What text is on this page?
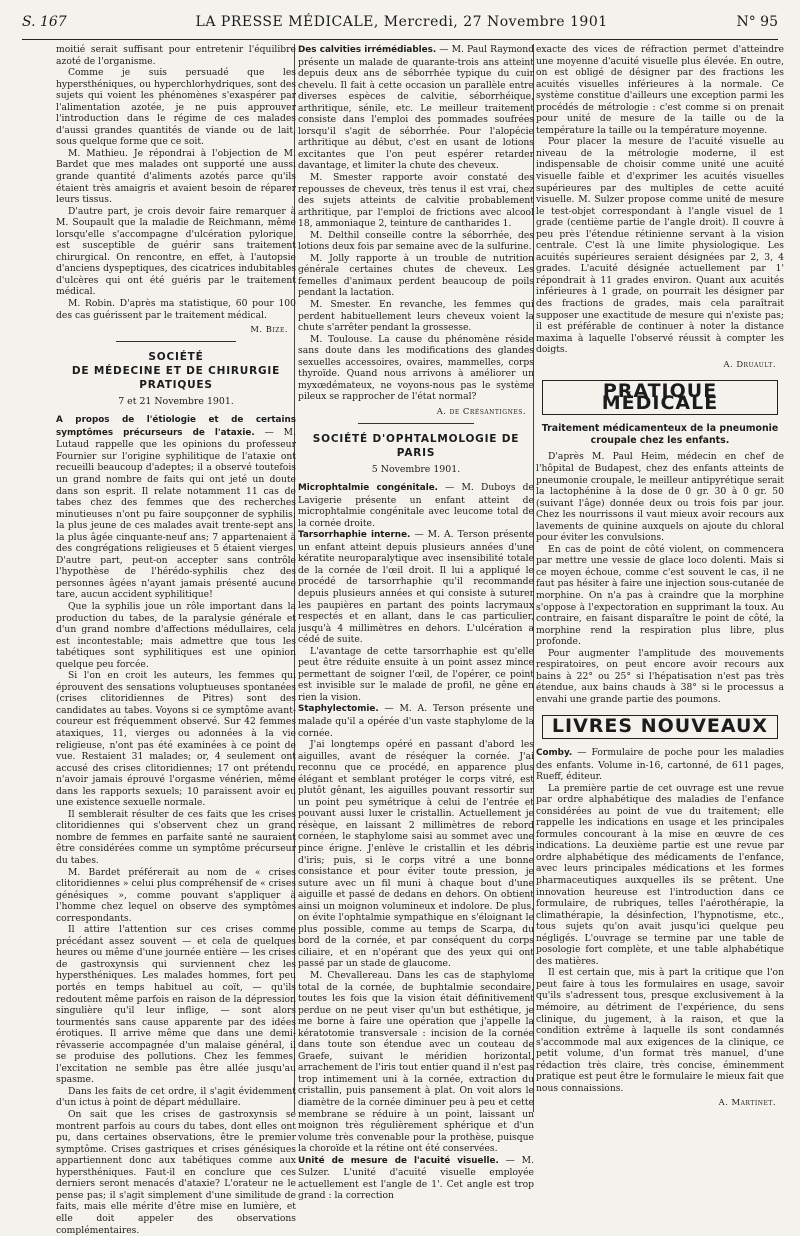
S. 167	LA PRESSE MÉDICALE, Mercredi, 27 Novembre 1901	N° 95

moitié serait suffisant pour entretenir l'équilibre azoté de l'organisme.

Comme je suis persuadé que les hypersthéniques, ou hyperchlorhydriques, sont des sujets qui voient les phénomènes s'exaspérer par l'alimentation azotée, je ne puis approuver l'introduction dans le régime de ces malades d'aussi grandes quantités de viande ou de lait, sous quelque forme que ce soit.

M. Mathieu. Je répondrai à l'objection de M. Bardet que mes malades ont supporté une aussi grande quantité d'aliments azotés parce qu'ils étaient très amaigris et avaient besoin de réparer leurs tissus.

D'autre part, je crois devoir faire remarquer à M. Soupault que la maladie de Reichmann, même lorsqu'elle s'accompagne d'ulcération pylorique, est susceptible de guérir sans traitement chirurgical. On rencontre, en effet, à l'autopsie d'anciens dyspeptiques, des cicatrices indubitables d'ulcères qui ont été guéris par le traitement médical.

M. Robin. D'après ma statistique, 60 pour 100 des cas guérissent par le traitement médical.

M. Bize.

SOCIÉTÉ
DE MÉDECINE ET DE CHIRURGIE PRATIQUES
7 et 21 Novembre 1901.

A propos de l'étiologie et de certains symptômes précurseurs de l'ataxie. — M. Lutaud rappelle que les opinions du professeur Fournier sur l'origine syphilitique de l'ataxie ont recueilli beaucoup d'adeptes; il a observé toutefois un grand nombre de faits qui ont jeté un doute dans son esprit. Il relate notamment 11 cas de tabes chez des femmes que des recherches minutieuses n'ont pu faire soupçonner de syphilis; la plus jeune de ces malades avait trente-sept ans, la plus âgée cinquante-neuf ans; 7 appartenaient à des congrégations religieuses et 5 étaient vierges. D'autre part, peut-on accepter sans contrôle l'hypothèse de l'hérédo-syphilis chez des personnes âgées n'ayant jamais présenté aucune tare, aucun accident syphilitique!

Que la syphilis joue un rôle important dans la production du tabes, de la paralysie générale et d'un grand nombre d'affections médullaires, cela est incontestable; mais admettre que tous les tabétiques sont syphilitiques est une opinion quelque peu forcée.

Si l'on en croit les auteurs, les femmes qui éprouvent des sensations voluptueuses spontanées (crises clitoridiennes de Pitres) sont des candidates au tabes. Voyons si ce symptôme avant-coureur est fréquemment observé. Sur 42 femmes ataxiques, 11, vierges ou adonnées à la vie religieuse, n'ont pas été examinées à ce point de vue. Restaient 31 malades; or, 4 seulement ont accusé des crises clitoridiennes; 17 ont prétendu n'avoir jamais éprouvé l'orgasme vénérien, même dans les rapports sexuels; 10 paraissent avoir eu une existence sexuelle normale.

Il semblerait résulter de ces faits que les crises clitoridiennes qui s'observent chez un grand nombre de femmes en parfaite santé ne sauraient être considérées comme un symptôme précurseur du tabes.

M. Bardet préférerait au nom de « crises clitoridiennes » celui plus compréhensif de « crises génésiques », comme pouvant s'appliquer à l'homme chez lequel on observe des symptômes correspondants.

Il attire l'attention sur ces crises comme précédant assez souvent — et cela de quelques heures ou même d'une journée entière — les crises de gastroxynsis qui surviennent chez les hypersthéniques. Les malades hommes, fort peu portés en temps habituel au coït, — qu'ils redoutent même parfois en raison de la dépression singulière qu'il leur inflige, — sont alors tourmentés sans cause apparente par des idées érotiques. Il arrive même que dans une demi-rêvasserie accompagnée d'un malaise général, il se produise des pollutions. Chez les femmes, l'excitation ne semble pas être allée jusqu'au spasme.

Dans les faits de cet ordre, il s'agit évidemment d'un ictus à point de départ médullaire.

On sait que les crises de gastroxynsis se montrent parfois au cours du tabes, dont elles ont pu, dans certaines observations, être le premier symptôme. Crises gastriques et crises génésiques appartiennent donc aux tabétiques comme aux hypersthéniques. Faut-il en conclure que ces derniers seront menacés d'ataxie? L'orateur ne le pense pas; il s'agit simplement d'une similitude de faits, mais elle mérite d'être mise en lumière, et elle doit appeler des observations complémentaires.

Des calvities irrémédiables. — M. Paul Raymond présente un malade de quarante-trois ans atteint depuis deux ans de séborrhée typique du cuir chevelu. Il fait à cette occasion un parallèle entre diverses espèces de calvitie, séborrhéique, arthritique, sénile, etc. Le meilleur traitement consiste dans l'emploi des pommades soufrées lorsqu'il s'agit de séborrhée. Pour l'alopécie arthritique au début, c'est en usant de lotions excitantes que l'on peut espérer retarder davantage, et limiter la chute des cheveux.

M. Smester rapporte avoir constaté des repousses de cheveux, très tenus il est vrai, chez des sujets atteints de calvitie probablement arthritique, par l'emploi de frictions avec alcool 18, ammoniaque 2, teinture de cantharides 1.

M. Delthil conseille contre la séborrhée, des lotions deux fois par semaine avec de la sulfurine.

M. Jolly rapporte à un trouble de nutrition générale certaines chutes de cheveux. Les femelles d'animaux perdent beaucoup de poils pendant la lactation.

M. Smester. En revanche, les femmes qui perdent habituellement leurs cheveux voient la chute s'arrêter pendant la grossesse.

M. Toulouse. La cause du phénomène réside sans doute dans les modifications des glandes sexuelles accessoires, ovaires, mammelles, corps thyroïde. Quand nous arrivons à améliorer un myxœdémateux, ne voyons-nous pas le système pileux se rapprocher de l'état normal?

A. de Crésantignes.

SOCIÉTÉ D'OPHTALMOLOGIE DE PARIS
5 Novembre 1901.

Microphtalmie congénitale. — M. Duboys de Lavigerie présente un enfant atteint de microphtalmie congénitale avec leucome total de la cornée droite.

Tarsorrhaphie interne. — M. A. Terson présente un enfant atteint depuis plusieurs années d'une kératite neuroparalytique avec insensibilité totale de la cornée de l'œil droit. Il lui a appliqué le procédé de tarsorrhaphie qu'il recommande depuis plusieurs années et qui consiste à suturer les paupières en partant des points lacrymaux respectés et en allant, dans le cas particulier, jusqu'à 4 millimètres en dehors. L'ulcération a cédé de suite.

L'avantage de cette tarsorrhaphie est qu'elle peut être réduite ensuite à un point assez mince permettant de soigner l'œil, de l'opérer, ce point est invisible sur le malade de profil, ne gêne en rien la vision.

Staphylectomie. — M. A. Terson présente une malade qu'il a opérée d'un vaste staphylome de la cornée.

J'ai longtemps opéré en passant d'abord les aiguilles, avant de réséquer la cornée. J'ai reconnu que ce procédé, en apparence plus élégant et semblant protéger le corps vitré, est plutôt gênant, les aiguilles pouvant ressortir sur un point peu symétrique à celui de l'entrée et pouvant aussi luxer le cristallin. Actuellement je résèque, en laissant 2 millimètres de rebord cornéen, le staphylome saisi au sommet avec une pince érigne. J'enlève le cristallin et les débris d'iris; puis, si le corps vitré a une bonne consistance et pour éviter toute pression, je suture avec un fil muni à chaque bout d'une aiguille et passé de dedans en dehors. On obtient ainsi un moignon volumineux et indolore. De plus, on évite l'ophtalmie sympathique en s'éloignant le plus possible, comme au temps de Scarpa, du bord de la cornée, et par conséquent du corps ciliaire, et en n'opérant que des yeux qui ont passé par un stade de glaucome.

M. Chevallereau. Dans les cas de staphylome total de la cornée, de buphtalmie secondaire, toutes les fois que la vision était définitivement perdue on ne peut viser qu'un but esthétique, je me borne à faire une opération que j'appelle la kératotomie transversale : incision de la cornée dans toute son étendue avec un couteau de Graefe, suivant le méridien horizontal, arrachement de l'iris tout entier quand il n'est pas trop intimement uni à la cornée, extraction du cristallin, puis pansement à plat. On voit alors le diamètre de la cornée diminuer peu à peu et cette membrane se réduire à un point, laissant un moignon très régulièrement sphérique et d'un volume très convenable pour la prothèse, puisque la choroïde et la rétine ont été conservées.

Unité de mesure de l'acuité visuelle. — M. Sulzer. L'unité d'acuité visuelle employée actuellement est l'angle de 1'. Cet angle est trop grand : la correction

exacte des vices de réfraction permet d'atteindre une moyenne d'acuité visuelle plus élevée. En outre, on est obligé de désigner par des fractions les acuités visuelles inférieures à la normale. Ce système constitue d'ailleurs une exception parmi les procédés de métrologie : c'est comme si on prenait pour unité de mesure de la taille ou de la température la taille ou la température moyenne.

Pour placer la mesure de l'acuité visuelle au niveau de la métrologie moderne, il est indispensable de choisir comme unité une acuité visuelle faible et d'exprimer les acuités visuelles supérieures par des multiples de cette acuité visuelle. M. Sulzer propose comme unité de mesure le test-objet correspondant à l'angle visuel de 1 grade (centième partie de l'angle droit). Il couvre à peu près l'étendue rétinienne servant à la vision centrale. C'est là une limite physiologique. Les acuités supérieures seraient désignées par 2, 3, 4 grades. L'acuité désignée actuellement par 1' répondrait à 11 grades environ. Quant aux acuités inférieures à 1 grade, on pourrait les désigner par des fractions de grades, mais cela paraîtrait supposer une exactitude de mesure qui n'existe pas; il est préférable de continuer à noter la distance maxima à laquelle l'observé réussit à compter les doigts.

A. Druault.

PRATIQUE MÉDICALE
Traitement médicamenteux de la pneumonie croupale chez les enfants.

D'après M. Paul Heim, médecin en chef de l'hôpital de Budapest, chez des enfants atteints de pneumonie croupale, le meilleur antipyrétique serait la lactophénine à la dose de 0 gr. 30 à 0 gr. 50 (suivant l'âge) donnée deux ou trois fois par jour. Chez les nourrissons il vaut mieux avoir recours aux lavements de quinine auxquels on ajoute du chloral pour éviter les convulsions.

En cas de point de côté violent, on commencera par mettre une vessie de glace loco dolenti. Mais si ce moyen échoue, comme c'est souvent le cas, il ne faut pas hésiter à faire une injection sous-cutanée de morphine. On n'a pas à craindre que la morphine s'oppose à l'expectoration en supprimant la toux. Au contraire, en faisant disparaître le point de côté, la morphine rend la respiration plus libre, plus profonde.

Pour augmenter l'amplitude des mouvements respiratoires, on peut encore avoir recours aux bains à 22° ou 25° si l'hépatisation n'est pas très étendue, aux bains chauds à 38° si le processus a envahi une grande partie des poumons.

LIVRES NOUVEAUX

Comby. — Formulaire de poche pour les maladies des enfants. Volume in-16, cartonné, de 611 pages, Rueff, éditeur.

La première partie de cet ouvrage est une revue par ordre alphabétique des maladies de l'enfance considérées au point de vue du traitement; elle rappelle les indications en usage et les principales formules concourant à la mise en œuvre de ces indications. La deuxième partie est une revue par ordre alphabétique des médicaments de l'enfance, avec leurs principales médications et les formes pharmaceutiques auxquelles ils se prêtent. Une innovation heureuse est l'introduction dans ce formulaire, de rubriques, telles l'aérothérapie, la climathérapie, la désinfection, l'hypnotisme, etc., tous sujets qu'on avait jusqu'ici quelque peu négligés. L'ouvrage se termine par une table de posologie fort complète, et une table alphabétique des matières.

Il est certain que, mis à part la critique que l'on peut faire à tous les formulaires en usage, savoir qu'ils s'adressent tous, presque exclusivement à la mémoire, au détriment de l'expérience, du sens clinique, du jugement, à la raison, et que la condition extrême à laquelle ils sont condamnés s'accommode mal aux exigences de la clinique, ce petit volume, d'un format très manuel, d'une rédaction très claire, très concise, éminemment pratique est peut être le formulaire le mieux fait que nous connaissions.

A. Martinet.
